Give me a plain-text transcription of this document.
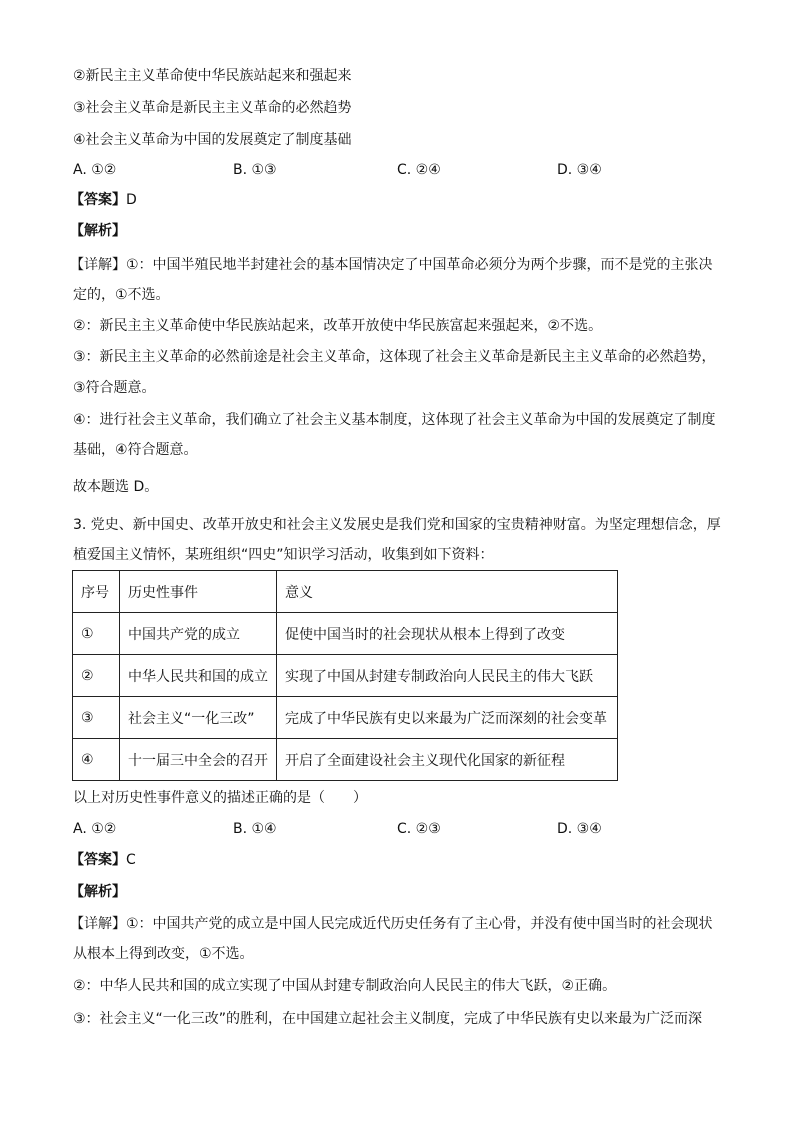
②新民主主义革命使中华民族站起来和强起来
③社会主义革命是新民主主义革命的必然趋势
④社会主义革命为中国的发展奠定了制度基础
A. ①②	B. ①③	C. ②④	D. ③④
【答案】D
【解析】
【详解】①：中国半殖民地半封建社会的基本国情决定了中国革命必须分为两个步骤，而不是党的主张决
定的，①不选。
②：新民主主义革命使中华民族站起来，改革开放使中华民族富起来强起来，②不选。
③：新民主主义革命的必然前途是社会主义革命，这体现了社会主义革命是新民主主义革命的必然趋势，
③符合题意。
④：进行社会主义革命，我们确立了社会主义基本制度，这体现了社会主义革命为中国的发展奠定了制度
基础，④符合题意。
故本题选 D。
3. 党史、新中国史、改革开放史和社会主义发展史是我们党和国家的宝贵精神财富。为坚定理想信念，厚
植爱国主义情怀，某班组织“四史”知识学习活动，收集到如下资料：
序号	历史性事件	意义
①	中国共产党的成立	促使中国当时的社会现状从根本上得到了改变
②	中华人民共和国的成立	实现了中国从封建专制政治向人民民主的伟大飞跃
③	社会主义“一化三改”	完成了中华民族有史以来最为广泛而深刻的社会变革
④	十一届三中全会的召开	开启了全面建设社会主义现代化国家的新征程
以上对历史性事件意义的描述正确的是（　　）
A. ①②	B. ①④	C. ②③	D. ③④
【答案】C
【解析】
【详解】①：中国共产党的成立是中国人民完成近代历史任务有了主心骨，并没有使中国当时的社会现状
从根本上得到改变，①不选。
②：中华人民共和国的成立实现了中国从封建专制政治向人民民主的伟大飞跃，②正确。
③：社会主义“一化三改”的胜利，在中国建立起社会主义制度，完成了中华民族有史以来最为广泛而深
